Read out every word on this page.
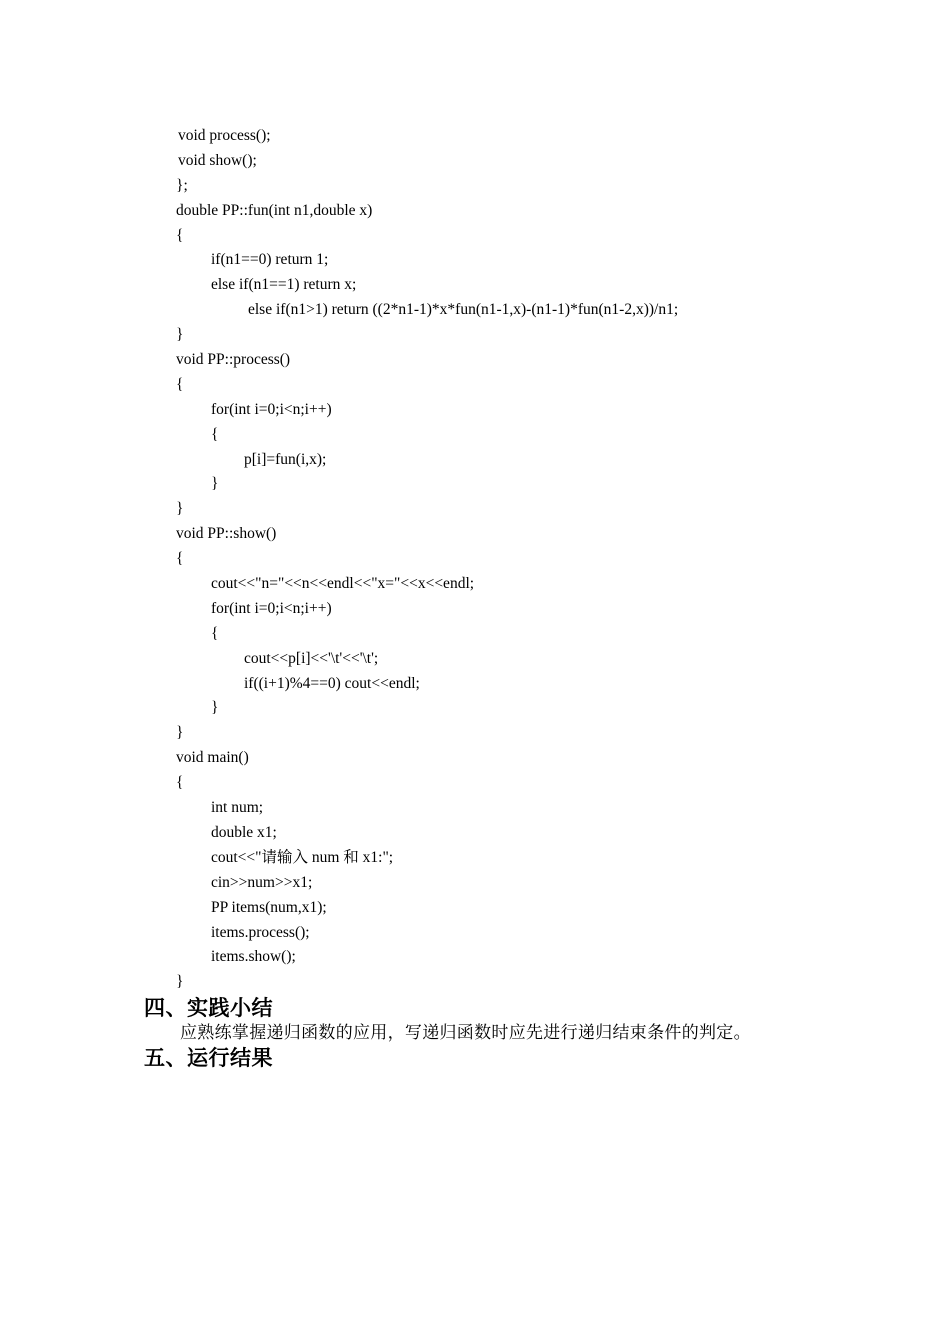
void process();
void show();
};
double PP::fun(int n1,double x)
{
if(n1==0) return 1;
else if(n1==1) return x;
else if(n1>1) return ((2*n1-1)*x*fun(n1-1,x)-(n1-1)*fun(n1-2,x))/n1;
}
void PP::process()
{
for(int i=0;i<n;i++)
{
p[i]=fun(i,x);
}
}
void PP::show()
{
cout<<"n="<<n<<endl<<"x="<<x<<endl;
for(int i=0;i<n;i++)
{
cout<<p[i]<<'\t'<<'\t';
if((i+1)%4==0) cout<<endl;
}
}
void main()
{
int num;
double x1;
cout<<"请输入 num 和 x1:";
cin>>num>>x1;
PP items(num,x1);
items.process();
items.show();
}
四、实践小结
应熟练掌握递归函数的应用，写递归函数时应先进行递归结束条件的判定。
五、运行结果
